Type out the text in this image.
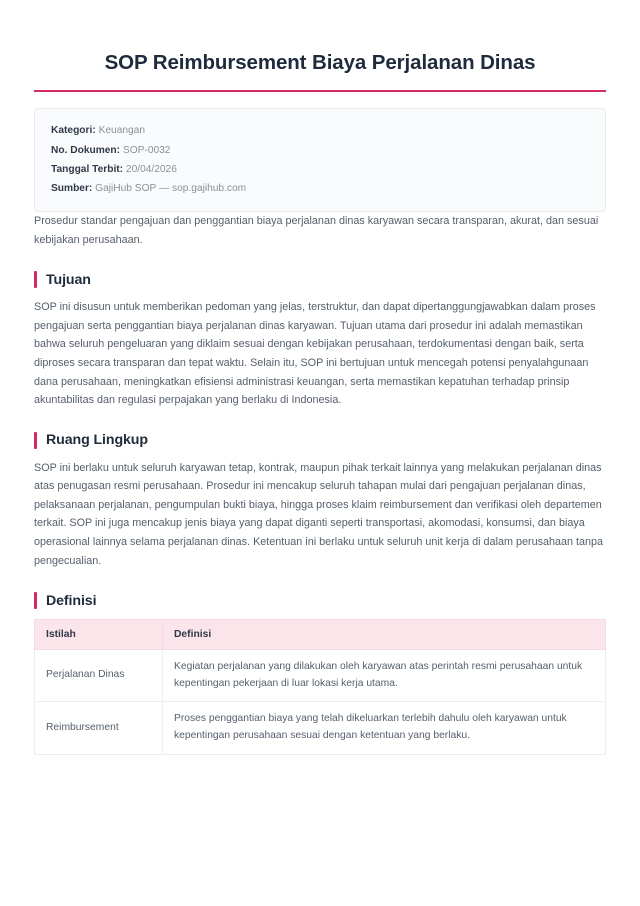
SOP Reimbursement Biaya Perjalanan Dinas
Kategori: Keuangan
No. Dokumen: SOP-0032
Tanggal Terbit: 20/04/2026
Sumber: GajiHub SOP — sop.gajihub.com

Prosedur standar pengajuan dan penggantian biaya perjalanan dinas karyawan secara transparan, akurat, dan sesuai kebijakan perusahaan.

Tujuan

SOP ini disusun untuk memberikan pedoman yang jelas, terstruktur, dan dapat dipertanggungjawabkan dalam proses pengajuan serta penggantian biaya perjalanan dinas karyawan. Tujuan utama dari prosedur ini adalah memastikan bahwa seluruh pengeluaran yang diklaim sesuai dengan kebijakan perusahaan, terdokumentasi dengan baik, serta diproses secara transparan dan tepat waktu. Selain itu, SOP ini bertujuan untuk mencegah potensi penyalahgunaan dana perusahaan, meningkatkan efisiensi administrasi keuangan, serta memastikan kepatuhan terhadap prinsip akuntabilitas dan regulasi perpajakan yang berlaku di Indonesia.

Ruang Lingkup

SOP ini berlaku untuk seluruh karyawan tetap, kontrak, maupun pihak terkait lainnya yang melakukan perjalanan dinas atas penugasan resmi perusahaan. Prosedur ini mencakup seluruh tahapan mulai dari pengajuan perjalanan dinas, pelaksanaan perjalanan, pengumpulan bukti biaya, hingga proses klaim reimbursement dan verifikasi oleh departemen terkait. SOP ini juga mencakup jenis biaya yang dapat diganti seperti transportasi, akomodasi, konsumsi, dan biaya operasional lainnya selama perjalanan dinas. Ketentuan ini berlaku untuk seluruh unit kerja di dalam perusahaan tanpa pengecualian.

Definisi
Istilah	Definisi
Perjalanan Dinas	Kegiatan perjalanan yang dilakukan oleh karyawan atas perintah resmi perusahaan untuk kepentingan pekerjaan di luar lokasi kerja utama.
Reimbursement	Proses penggantian biaya yang telah dikeluarkan terlebih dahulu oleh karyawan untuk kepentingan perusahaan sesuai dengan ketentuan yang berlaku.
